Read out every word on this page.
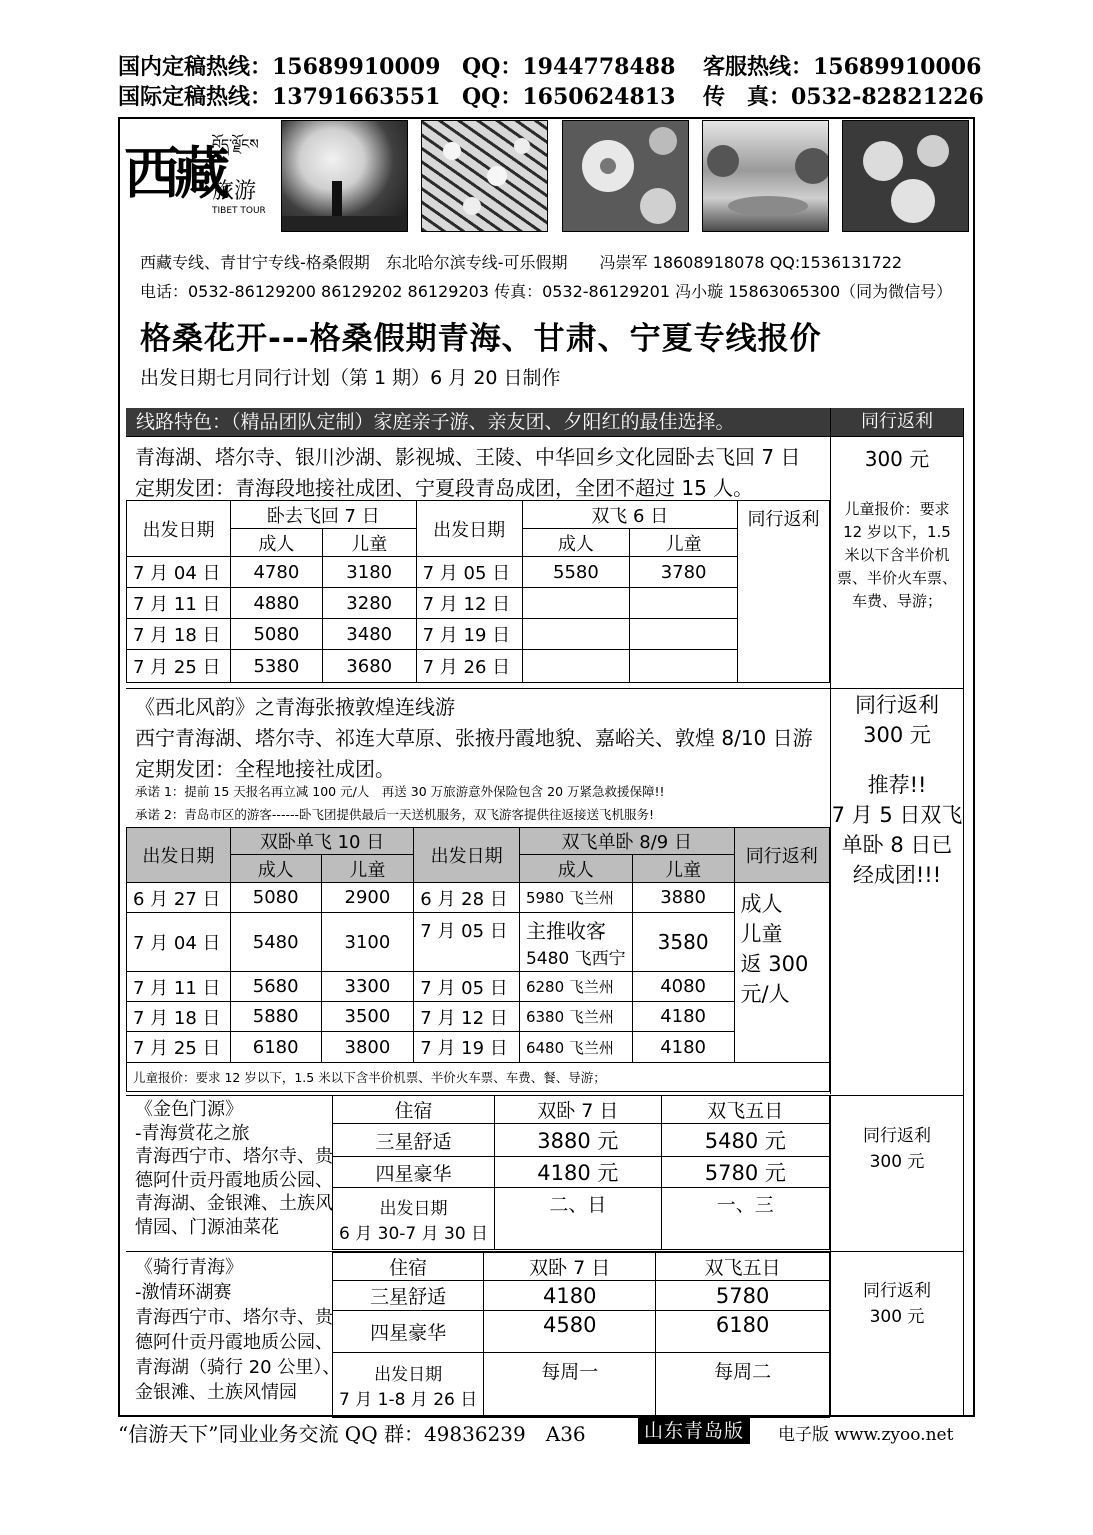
国内定稿热线：15689910009 QQ：1944778488 客服热线：15689910006
国际定稿热线：13791663551 QQ：1650624813 传　真：0532-82821226
西藏
བོད་ལྗོངས
旅游
TIBET TOUR
西藏专线、青甘宁专线-格桑假期　东北哈尔滨专线-可乐假期　　冯崇军 18608918078 QQ:1536131722
电话：0532-86129200 86129202 86129203 传真：0532-86129201 冯小璇 15863065300（同为微信号）
格桑花开---格桑假期青海、甘肃、宁夏专线报价
出发日期七月同行计划（第 1 期）6 月 20 日制作
线路特色：（精品团队定制）家庭亲子游、亲友团、夕阳红的最佳选择。	同行返利
青海湖、塔尔寺、银川沙湖、影视城、王陵、中华回乡文化园卧去飞回 7 日
定期发团：青海段地接社成团、宁夏段青岛成团，全团不超过 15 人。
300 元
儿童报价：要求
12 岁以下，1.5
米以下含半价机
票、半价火车票、
车费、导游；
出发日期	卧去飞回 7 日		出发日期	双飞 6 日		同行返利
	成人	儿童		成人	儿童	
7 月 04 日	4780	3180	7 月 05 日	5580	3780	
7 月 11 日	4880	3280	7 月 12 日			
7 月 18 日	5080	3480	7 月 19 日			
7 月 25 日	5380	3680	7 月 26 日			
《西北风韵》之青海张掖敦煌连线游
西宁青海湖、塔尔寺、祁连大草原、张掖丹霞地貌、嘉峪关、敦煌 8/10 日游
定期发团：全程地接社成团。
承诺 1：提前 15 天报名再立减 100 元/人　再送 30 万旅游意外保险包含 20 万紧急救援保障!!
承诺 2：青岛市区的游客------卧飞团提供最后一天送机服务，双飞游客提供往返接送飞机服务!
同行返利
300 元
推荐!!
7 月 5 日双飞
单卧 8 日已
经成团!!!
出发日期	双卧单飞 10 日		出发日期	双飞单卧 8/9 日		同行返利
	成人	儿童		成人	儿童	
6 月 27 日	5080	2900	6 月 28 日	5980 飞兰州	3880	成人
儿童
返 300
元/人

7 月 04 日	5480	3100	7 月 05 日	主推收客
5480 飞西宁	3580	
7 月 11 日	5680	3300	7 月 05 日	6280 飞兰州	4080	
7 月 18 日	5880	3500	7 月 12 日	6380 飞兰州	4180	
7 月 25 日	6180	3800	7 月 19 日	6480 飞兰州	4180	
儿童报价：要求 12 岁以下，1.5 米以下含半价机票、半价火车票、车费、餐、导游；						
《金色门源》
-青海赏花之旅
青海西宁市、塔尔寺、贵
德阿什贡丹霞地质公园、
青海湖、金银滩、土族风
情园、门源油菜花
住宿	双卧 7 日	双飞五日
三星舒适	3880 元	5480 元
四星豪华	4180 元	5780 元

出发日期
6 月 30-7 月 30 日	二、日	一、三
同行返利
300 元
《骑行青海》
-激情环湖赛
青海西宁市、塔尔寺、贵
德阿什贡丹霞地质公园、
青海湖（骑行 20 公里）、
金银滩、土族风情园
住宿	双卧 7 日	双飞五日
三星舒适	4180	5780
四星豪华	4580	6180

出发日期
7 月 1-8 月 26 日	每周一	每周二
同行返利
300 元
“信游天下”同业业务交流 QQ 群：49836239　A36	山东青岛版	电子版 www.zyoo.net
